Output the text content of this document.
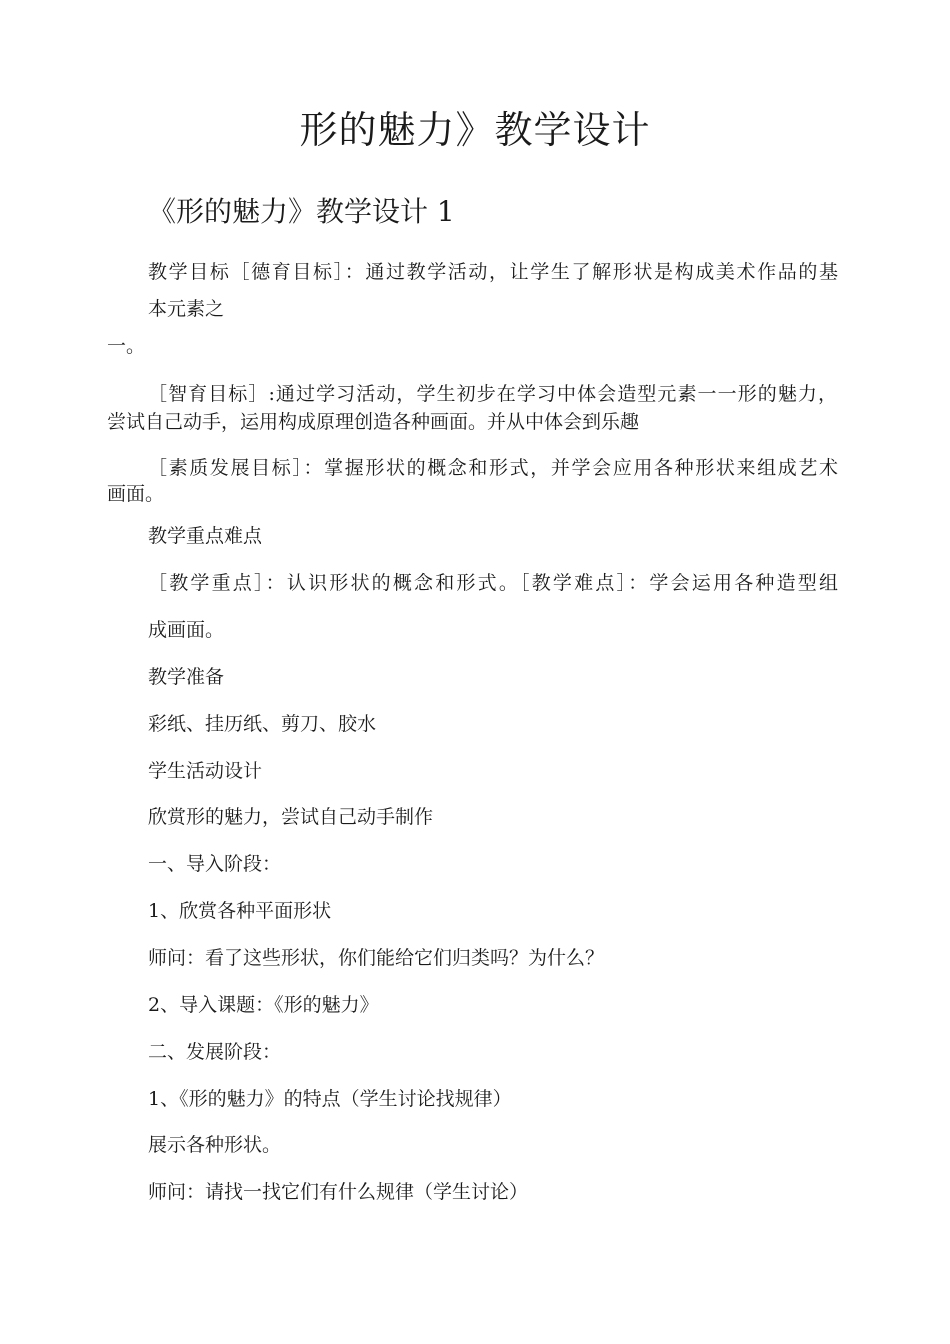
形的魅力》教学设计
《形的魅力》教学设计 1
教学目标［德育目标］：通过教学活动，让学生了解形状是构成美术作品的基
本元素之
一。
［智育目标］:通过学习活动，学生初步在学习中体会造型元素一一形的魅力，
尝试自己动手，运用构成原理创造各种画面。并从中体会到乐趣
［素质发展目标］：掌握形状的概念和形式，并学会应用各种形状来组成艺术
画面。
教学重点难点
［教学重点］：认识形状的概念和形式。［教学难点］：学会运用各种造型组
成画面。
教学准备
彩纸、挂历纸、剪刀、胶水
学生活动设计
欣赏形的魅力，尝试自己动手制作
一、导入阶段：
1、欣赏各种平面形状
师问：看了这些形状，你们能给它们归类吗？为什么？
2、导入课题：《形的魅力》
二、发展阶段：
1、《形的魅力》的特点（学生讨论找规律）
展示各种形状。
师问：请找一找它们有什么规律（学生讨论）
